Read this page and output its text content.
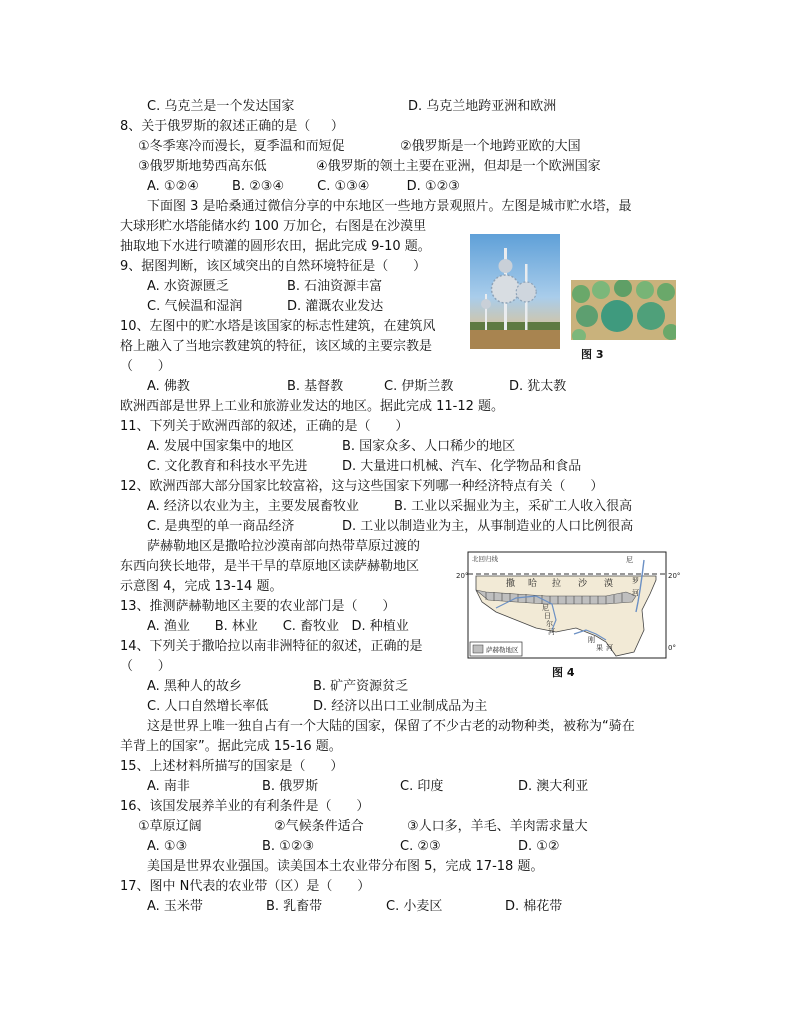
C. 乌克兰是一个发达国家	D. 乌克兰地跨亚洲和欧洲
8、关于俄罗斯的叙述正确的是（     ）
①冬季寒冷而漫长，夏季温和而短促	②俄罗斯是一个地跨亚欧的大国
③俄罗斯地势西高东低	④俄罗斯的领土主要在亚洲，但却是一个欧洲国家
A. ①②④        B. ②③④        C. ①③④         D. ①②③
下面图 3 是哈桑通过微信分享的中东地区一些地方景观照片。左图是城市贮水塔，最
大球形贮水塔能储水约 100 万加仑，右图是在沙漠里
抽取地下水进行喷灌的圆形农田，据此完成 9-10 题。
9、据图判断，该区域突出的自然环境特征是（      ）
A. 水资源匮乏	B. 石油资源丰富
C. 气候温和湿润	D. 灌溉农业发达
10、左图中的贮水塔是该国家的标志性建筑，在建筑风
格上融入了当地宗教建筑的特征，该区域的主要宗教是
（      ）
A. 佛教	B. 基督教	C. 伊斯兰教	D. 犹太教
欧洲西部是世界上工业和旅游业发达的地区。据此完成 11-12 题。
11、下列关于欧洲西部的叙述，正确的是（      ）
A. 发展中国家集中的地区	B. 国家众多、人口稀少的地区
C. 文化教育和科技水平先进	D. 大量进口机械、汽车、化学物品和食品
12、欧洲西部大部分国家比较富裕，这与这些国家下列哪一种经济特点有关（      ）
A. 经济以农业为主，主要发展畜牧业	B. 工业以采掘业为主，采矿工人收入很高
C. 是典型的单一商品经济	D. 工业以制造业为主，从事制造业的人口比例很高
萨赫勒地区是撒哈拉沙漠南部向热带草原过渡的
东西向狭长地带，是半干旱的草原地区读萨赫勒地区
示意图 4，完成 13-14 题。
13、推测萨赫勒地区主要的农业部门是（      ）
A. 渔业      B. 林业      C. 畜牧业   D. 种植业
14、下列关于撒哈拉以南非洲特征的叙述，正确的是
（      ）
A. 黑种人的故乡	B. 矿产资源贫乏
C. 人口自然增长率低	D. 经济以出口工业制成品为主
这是世界上唯一独自占有一个大陆的国家，保留了不少古老的动物种类，被称为“骑在
羊背上的国家”。据此完成 15-16 题。
15、上述材料所描写的国家是（      ）
A. 南非	B. 俄罗斯	C. 印度	D. 澳大利亚
16、该国发展养羊业的有利条件是（      ）
①草原辽阔	②气候条件适合	③人口多，羊毛、羊肉需求量大
A. ①③	B. ①②③	C. ②③	D. ①②
美国是世界农业强国。读美国本土农业带分布图 5，完成 17-18 题。
17、图中 N代表的农业带（区）是（      ）
A. 玉米带	B. 乳畜带	C. 小麦区	D. 棉花带
图 3
北回归线
撒 哈 拉 沙 漠
尼
罗
河
尼
日
尔
河
刚
果 河
萨赫勒地区
20°	20°
0°
图 4
